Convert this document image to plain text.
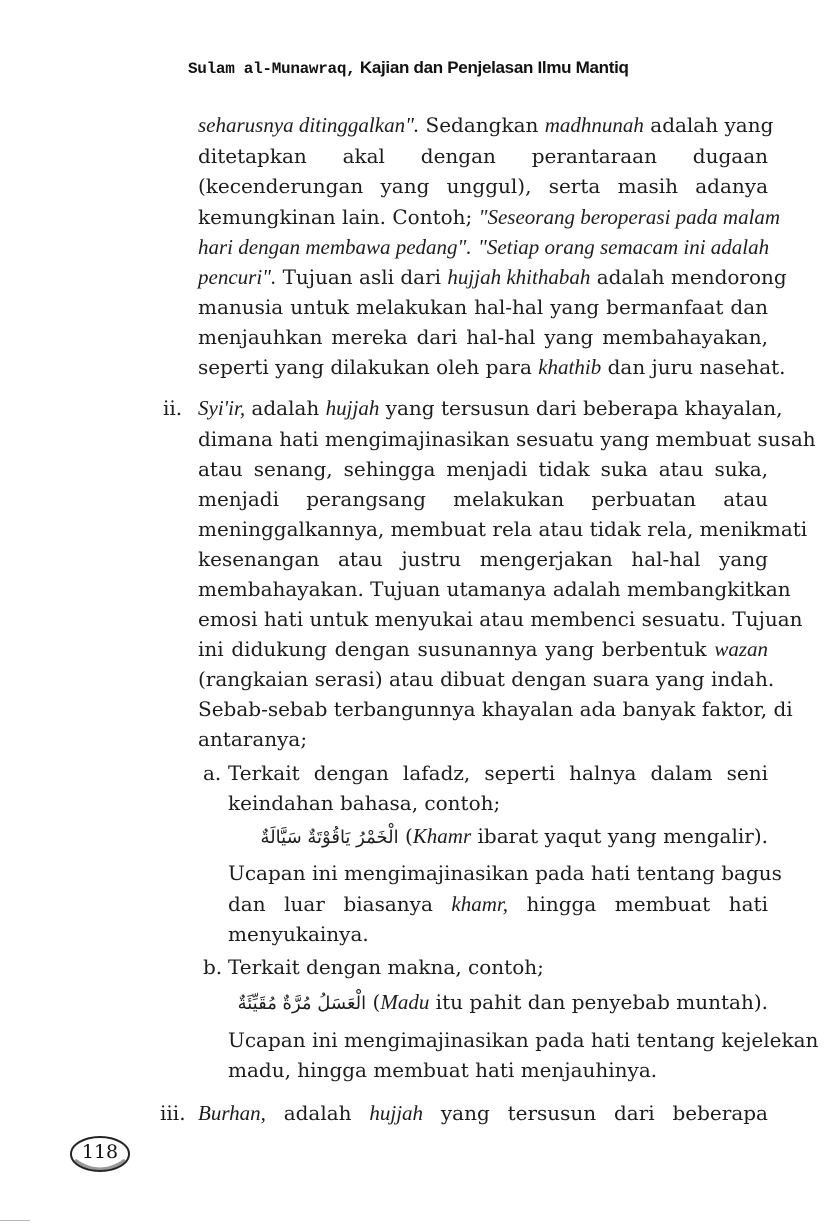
Sulam al-Munawraq, Kajian dan Penjelasan Ilmu Mantiq
seharusnya ditinggalkan". Sedangkan madhnunah adalah yang
ditetapkan akal dengan perantaraan dugaan
(kecenderungan yang unggul), serta masih adanya
kemungkinan lain. Contoh; "Seseorang beroperasi pada malam
hari dengan membawa pedang". "Setiap orang semacam ini adalah
pencuri". Tujuan asli dari hujjah khithabah adalah mendorong
manusia untuk melakukan hal-hal yang bermanfaat dan
menjauhkan mereka dari hal-hal yang membahayakan,
seperti yang dilakukan oleh para khathib dan juru nasehat.
ii. Syi'ir, adalah hujjah yang tersusun dari beberapa khayalan,
dimana hati mengimajinasikan sesuatu yang membuat susah
atau senang, sehingga menjadi tidak suka atau suka,
menjadi perangsang melakukan perbuatan atau
meninggalkannya, membuat rela atau tidak rela, menikmati
kesenangan atau justru mengerjakan hal-hal yang
membahayakan. Tujuan utamanya adalah membangkitkan
emosi hati untuk menyukai atau membenci sesuatu. Tujuan
ini didukung dengan susunannya yang berbentuk wazan
(rangkaian serasi) atau dibuat dengan suara yang indah.
Sebab-sebab terbangunnya khayalan ada banyak faktor, di
antaranya;
a. Terkait dengan lafadz, seperti halnya dalam seni
keindahan bahasa, contoh;
الْخَمْرُ يَاقُوْتَةٌ سَيَّالَةٌ (Khamr ibarat yaqut yang mengalir).
Ucapan ini mengimajinasikan pada hati tentang bagus
dan luar biasanya khamr, hingga membuat hati
menyukainya.
b. Terkait dengan makna, contoh;
الْعَسَلُ مُرَّةٌ مُقَيِّئَةٌ (Madu itu pahit dan penyebab muntah).
Ucapan ini mengimajinasikan pada hati tentang kejelekan
madu, hingga membuat hati menjauhinya.
iii. Burhan, adalah hujjah yang tersusun dari beberapa
118
